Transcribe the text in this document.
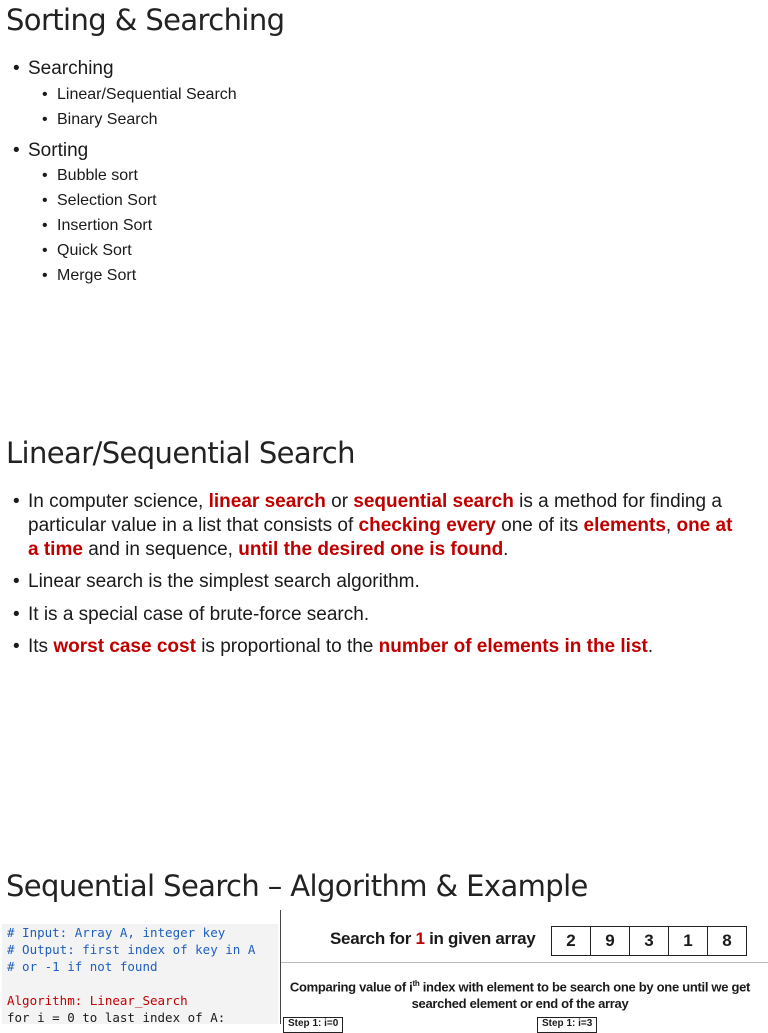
Sorting & Searching
• Searching
• Linear/Sequential Search
• Binary Search
• Sorting
• Bubble sort
• Selection Sort
• Insertion Sort
• Quick Sort
• Merge Sort
Linear/Sequential Search
• In computer science, linear search or sequential search is a method for finding a particular value in a list that consists of checking every one of its elements, one at a time and in sequence, until the desired one is found.
• Linear search is the simplest search algorithm.
• It is a special case of brute-force search.
• Its worst case cost is proportional to the number of elements in the list.
Sequential Search – Algorithm & Example
# Input: Array A, integer key
# Output: first index of key in A
# or -1 if not found

Algorithm: Linear_Search
for i = 0 to last index of A:
Search for 1 in given array	2	9	3	1	8
Comparing value of $i^{th}$ index with element to be search one by one until we get searched element or end of the array
Step 1: i=0	Step 1: i=3
